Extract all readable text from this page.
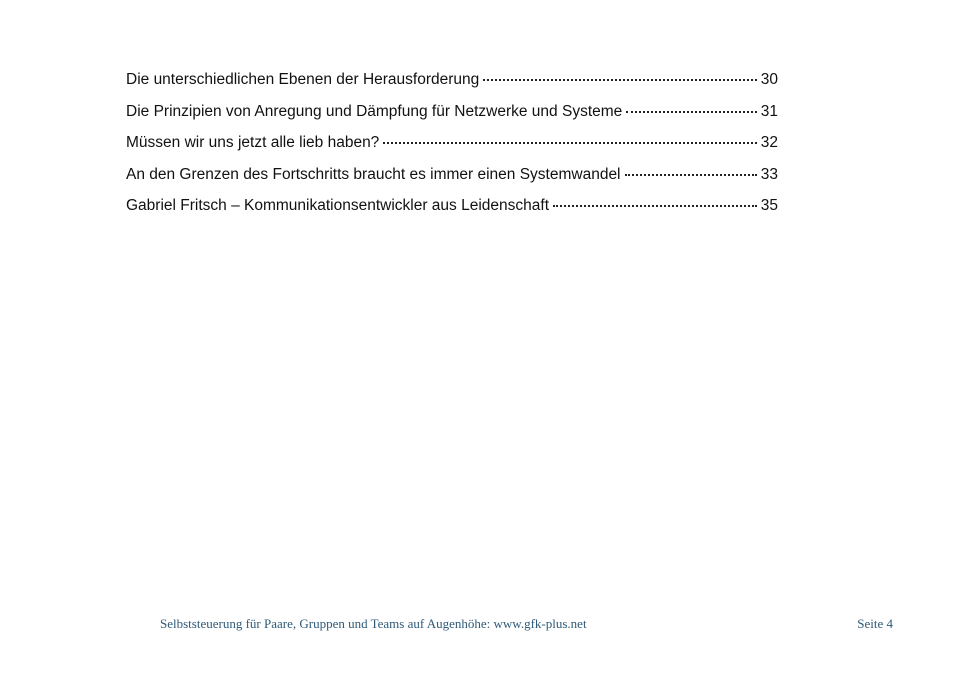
Die unterschiedlichen Ebenen der Herausforderung	30
Die Prinzipien von Anregung und Dämpfung für Netzwerke und Systeme	31
Müssen wir uns jetzt alle lieb haben?	32
An den Grenzen des Fortschritts braucht es immer einen Systemwandel	33
Gabriel Fritsch – Kommunikationsentwickler aus Leidenschaft	35
Selbststeuerung für Paare, Gruppen und Teams auf Augenhöhe: www.gfk-plus.net	Seite 4
